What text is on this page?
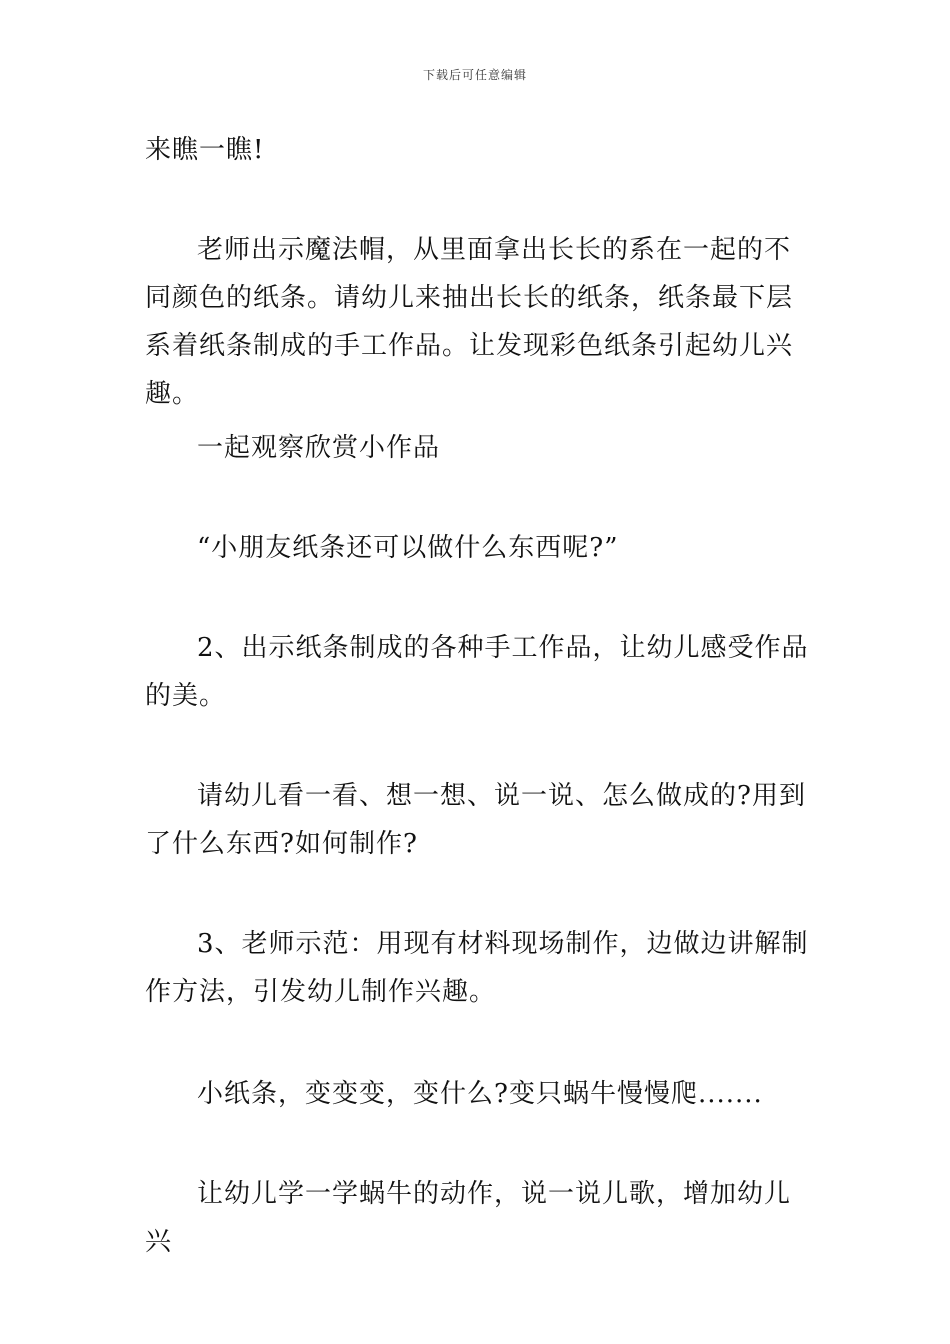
下载后可任意编辑

来瞧一瞧!

老师出示魔法帽，从里面拿出长长的系在一起的不同颜色的纸条。请幼儿来抽出长长的纸条，纸条最下层系着纸条制成的手工作品。让发现彩色纸条引起幼儿兴趣。

一起观察欣赏小作品

“小朋友纸条还可以做什么东西呢?”

2、出示纸条制成的各种手工作品，让幼儿感受作品的美。

请幼儿看一看、想一想、说一说、怎么做成的?用到了什么东西?如何制作?

3、老师示范：用现有材料现场制作，边做边讲解制作方法，引发幼儿制作兴趣。

小纸条，变变变，变什么?变只蜗牛慢慢爬.......

让幼儿学一学蜗牛的动作，说一说儿歌，增加幼儿兴
